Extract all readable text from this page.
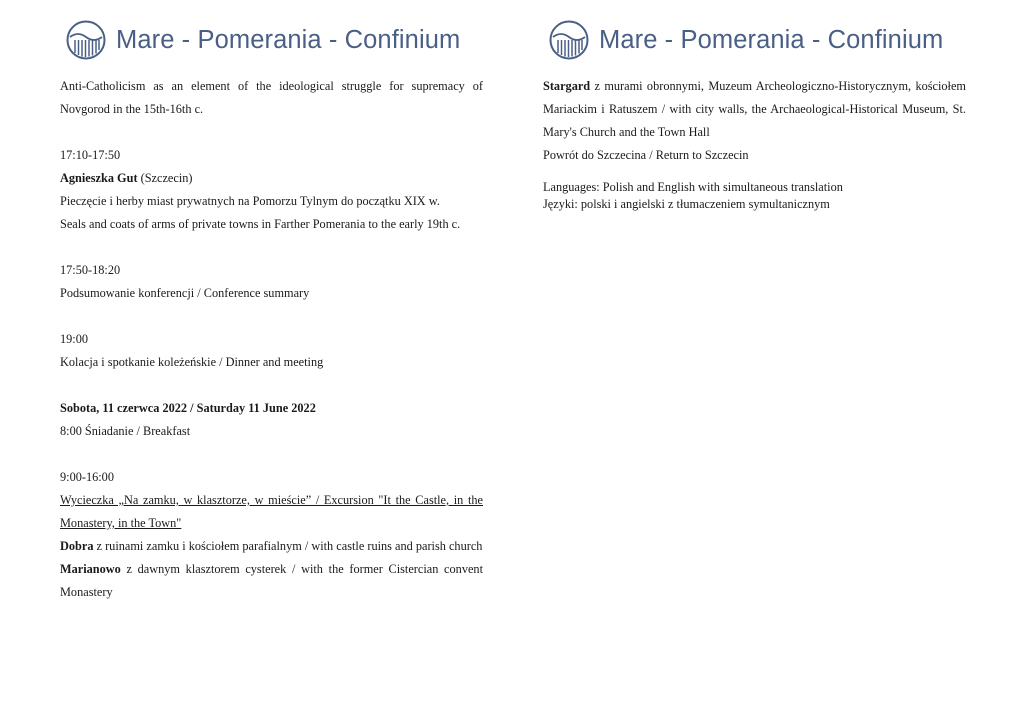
Mare - Pomerania - Confinium

Anti-Catholicism as an element of the ideological struggle for supremacy of Novgorod in the 15th-16th c.

17:10-17:50

Agnieszka Gut (Szczecin)

Pieczęcie i herby miast prywatnych na Pomorzu Tylnym do początku XIX w.

Seals and coats of arms of private towns in Farther Pomerania to the early 19th c.

17:50-18:20

Podsumowanie konferencji / Conference summary

19:00

Kolacja i spotkanie koleżeńskie / Dinner and meeting

Sobota, 11 czerwca 2022 / Saturday 11 June 2022

8:00 Śniadanie / Breakfast

9:00-16:00

Wycieczka „Na zamku, w klasztorze, w mieście” / Excursion "It the Castle, in the Monastery, in the Town"

Dobra z ruinami zamku i kościołem parafialnym / with castle ruins and parish church

Marianowo z dawnym klasztorem cysterek / with the former Cistercian convent Monastery

Mare - Pomerania - Confinium

Stargard z murami obronnymi, Muzeum Archeologiczno-Historycznym, kościołem Mariackim i Ratuszem / with city walls, the Archaeological-Historical Museum, St. Mary's Church and the Town Hall

Powrót do Szczecina / Return to Szczecin

Languages: Polish and English with simultaneous translation

Języki: polski i angielski z tłumaczeniem symultanicznym
